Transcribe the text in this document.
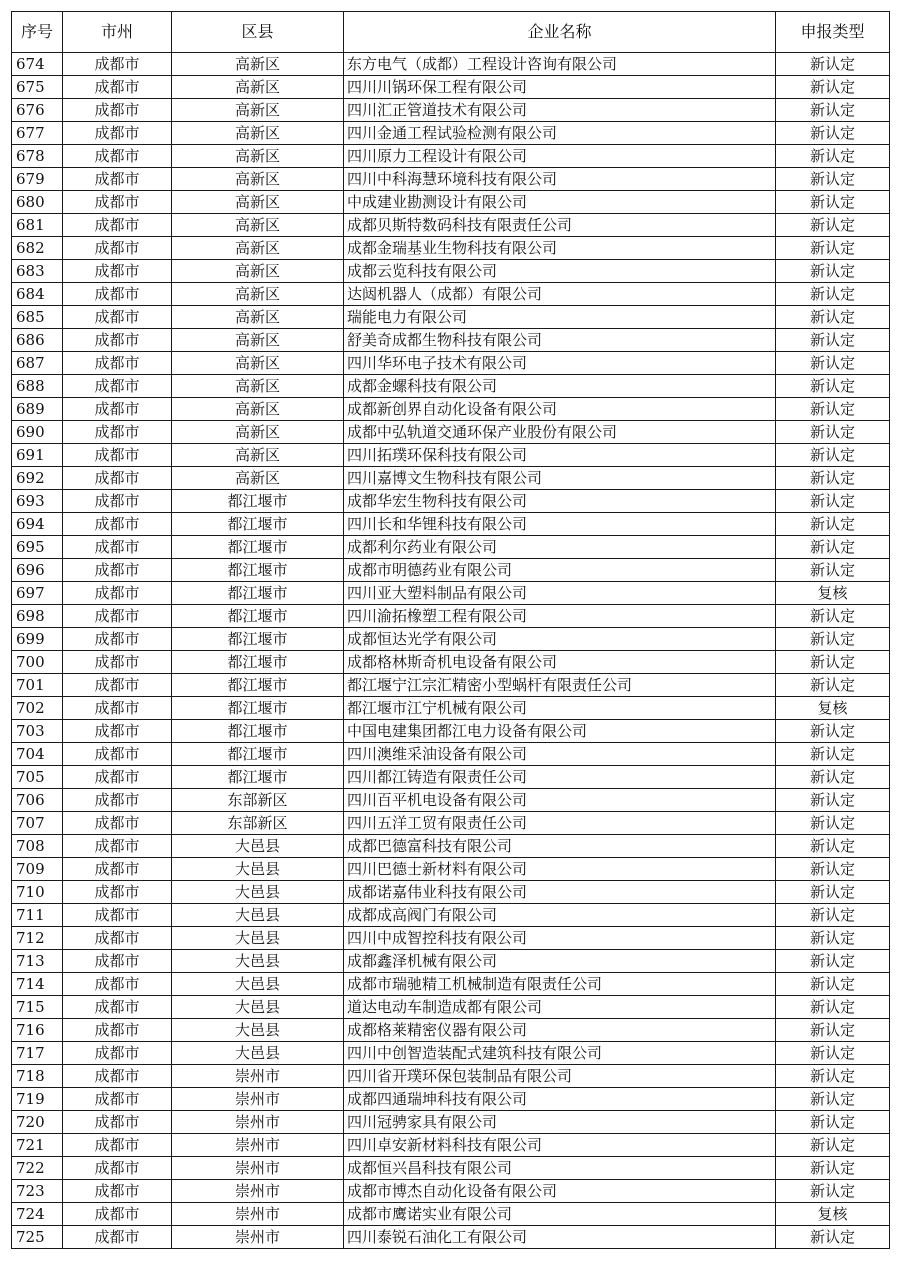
序号	市州	区县	企业名称	申报类型
674	成都市	高新区	东方电气（成都）工程设计咨询有限公司	新认定
675	成都市	高新区	四川川锅环保工程有限公司	新认定
676	成都市	高新区	四川汇正管道技术有限公司	新认定
677	成都市	高新区	四川金通工程试验检测有限公司	新认定
678	成都市	高新区	四川原力工程设计有限公司	新认定
679	成都市	高新区	四川中科海慧环境科技有限公司	新认定
680	成都市	高新区	中成建业勘测设计有限公司	新认定
681	成都市	高新区	成都贝斯特数码科技有限责任公司	新认定
682	成都市	高新区	成都金瑞基业生物科技有限公司	新认定
683	成都市	高新区	成都云览科技有限公司	新认定
684	成都市	高新区	达闼机器人（成都）有限公司	新认定
685	成都市	高新区	瑞能电力有限公司	新认定
686	成都市	高新区	舒美奇成都生物科技有限公司	新认定
687	成都市	高新区	四川华环电子技术有限公司	新认定
688	成都市	高新区	成都金螺科技有限公司	新认定
689	成都市	高新区	成都新创界自动化设备有限公司	新认定
690	成都市	高新区	成都中弘轨道交通环保产业股份有限公司	新认定
691	成都市	高新区	四川拓璞环保科技有限公司	新认定
692	成都市	高新区	四川嘉博文生物科技有限公司	新认定
693	成都市	都江堰市	成都华宏生物科技有限公司	新认定
694	成都市	都江堰市	四川长和华锂科技有限公司	新认定
695	成都市	都江堰市	成都利尔药业有限公司	新认定
696	成都市	都江堰市	成都市明德药业有限公司	新认定
697	成都市	都江堰市	四川亚大塑料制品有限公司	复核
698	成都市	都江堰市	四川渝拓橡塑工程有限公司	新认定
699	成都市	都江堰市	成都恒达光学有限公司	新认定
700	成都市	都江堰市	成都格林斯奇机电设备有限公司	新认定
701	成都市	都江堰市	都江堰宁江宗汇精密小型蜗杆有限责任公司	新认定
702	成都市	都江堰市	都江堰市江宁机械有限公司	复核
703	成都市	都江堰市	中国电建集团都江电力设备有限公司	新认定
704	成都市	都江堰市	四川澳维采油设备有限公司	新认定
705	成都市	都江堰市	四川都江铸造有限责任公司	新认定
706	成都市	东部新区	四川百平机电设备有限公司	新认定
707	成都市	东部新区	四川五洋工贸有限责任公司	新认定
708	成都市	大邑县	成都巴德富科技有限公司	新认定
709	成都市	大邑县	四川巴德士新材料有限公司	新认定
710	成都市	大邑县	成都诺嘉伟业科技有限公司	新认定
711	成都市	大邑县	成都成高阀门有限公司	新认定
712	成都市	大邑县	四川中成智控科技有限公司	新认定
713	成都市	大邑县	成都鑫泽机械有限公司	新认定
714	成都市	大邑县	成都市瑞驰精工机械制造有限责任公司	新认定
715	成都市	大邑县	道达电动车制造成都有限公司	新认定
716	成都市	大邑县	成都格莱精密仪器有限公司	新认定
717	成都市	大邑县	四川中创智造装配式建筑科技有限公司	新认定
718	成都市	崇州市	四川省开璞环保包装制品有限公司	新认定
719	成都市	崇州市	成都四通瑞坤科技有限公司	新认定
720	成都市	崇州市	四川冠骋家具有限公司	新认定
721	成都市	崇州市	四川卓安新材料科技有限公司	新认定
722	成都市	崇州市	成都恒兴昌科技有限公司	新认定
723	成都市	崇州市	成都市博杰自动化设备有限公司	新认定
724	成都市	崇州市	成都市鹰诺实业有限公司	复核
725	成都市	崇州市	四川泰锐石油化工有限公司	新认定
